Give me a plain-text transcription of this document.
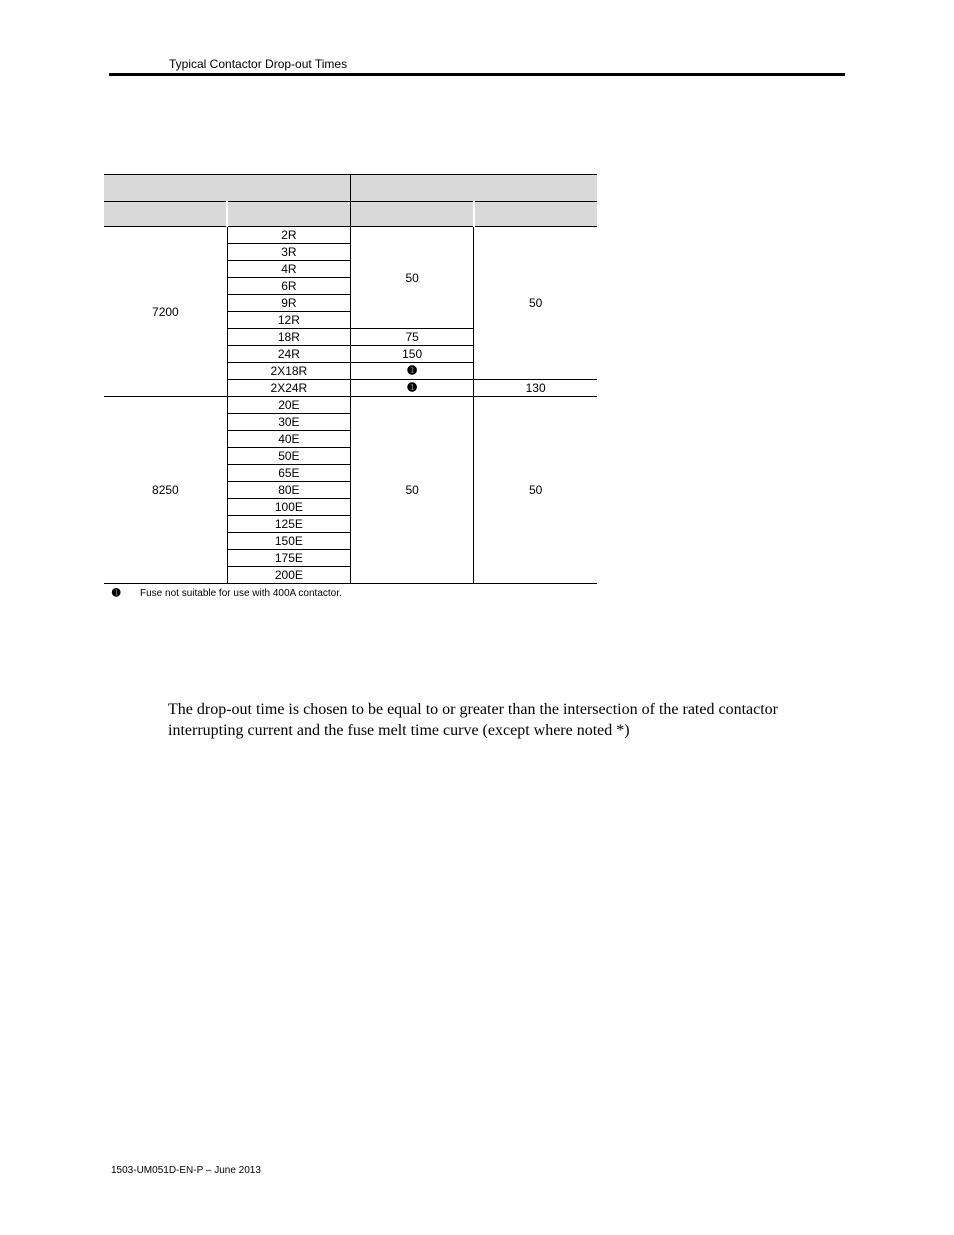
Typical Contactor Drop-out Times

7200	2R	50	50
	3R		
	4R		
	6R		
	9R		
	12R		
	18R	75	
	24R	150	
	2X18R	➊	
	2X24R	➊	130
8250	20E	50	50
	30E		
	40E		
	50E		
	65E		
	80E		
	100E		
	125E		
	150E		
	175E		
	200E		
➊ Fuse not suitable for use with 400A contactor.
The drop-out time is chosen to be equal to or greater than the intersection of the rated contactor interrupting current and the fuse melt time curve (except where noted *)
1503-UM051D-EN-P – June 2013
